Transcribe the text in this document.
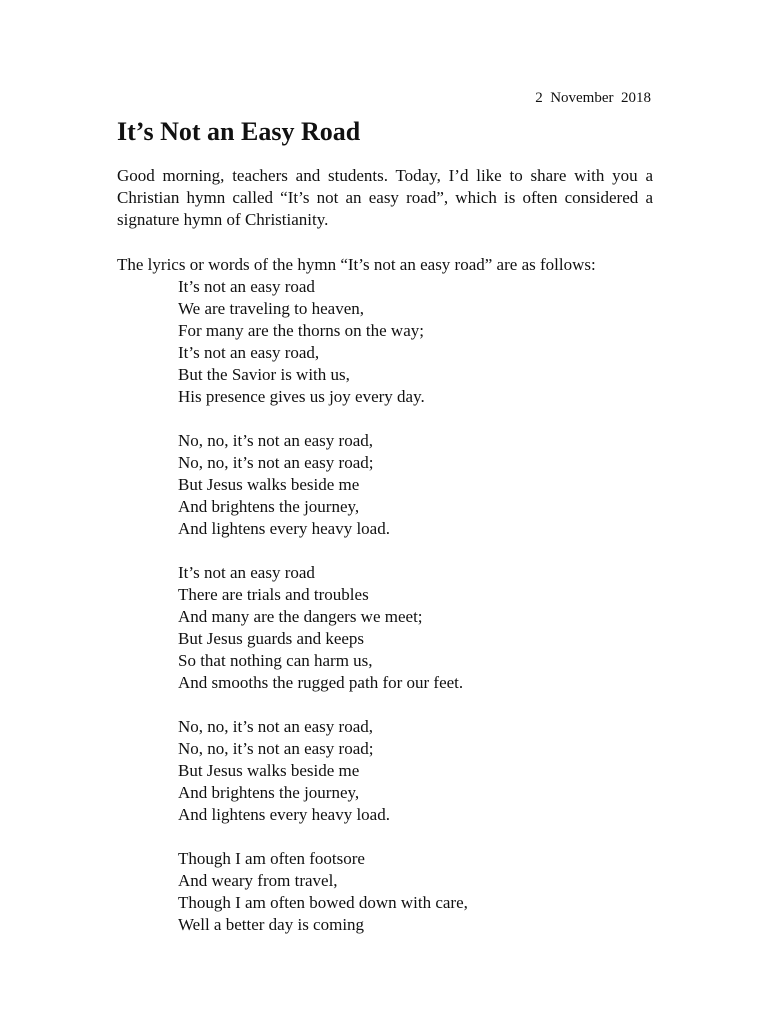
2  November  2018
It’s Not an Easy Road

Good morning, teachers and students. Today, I’d like to share with you a Christian hymn called “It’s not an easy road”, which is often considered a signature hymn of Christianity.

The lyrics or words of the hymn “It’s not an easy road” are as follows:

It’s not an easy road
We are traveling to heaven,
For many are the thorns on the way;
It’s not an easy road,
But the Savior is with us,
His presence gives us joy every day.
No, no, it’s not an easy road,
No, no, it’s not an easy road;
But Jesus walks beside me
And brightens the journey,
And lightens every heavy load.
It’s not an easy road
There are trials and troubles
And many are the dangers we meet;
But Jesus guards and keeps
So that nothing can harm us,
And smooths the rugged path for our feet.
No, no, it’s not an easy road,
No, no, it’s not an easy road;
But Jesus walks beside me
And brightens the journey,
And lightens every heavy load.
Though I am often footsore
And weary from travel,
Though I am often bowed down with care,
Well a better day is coming
